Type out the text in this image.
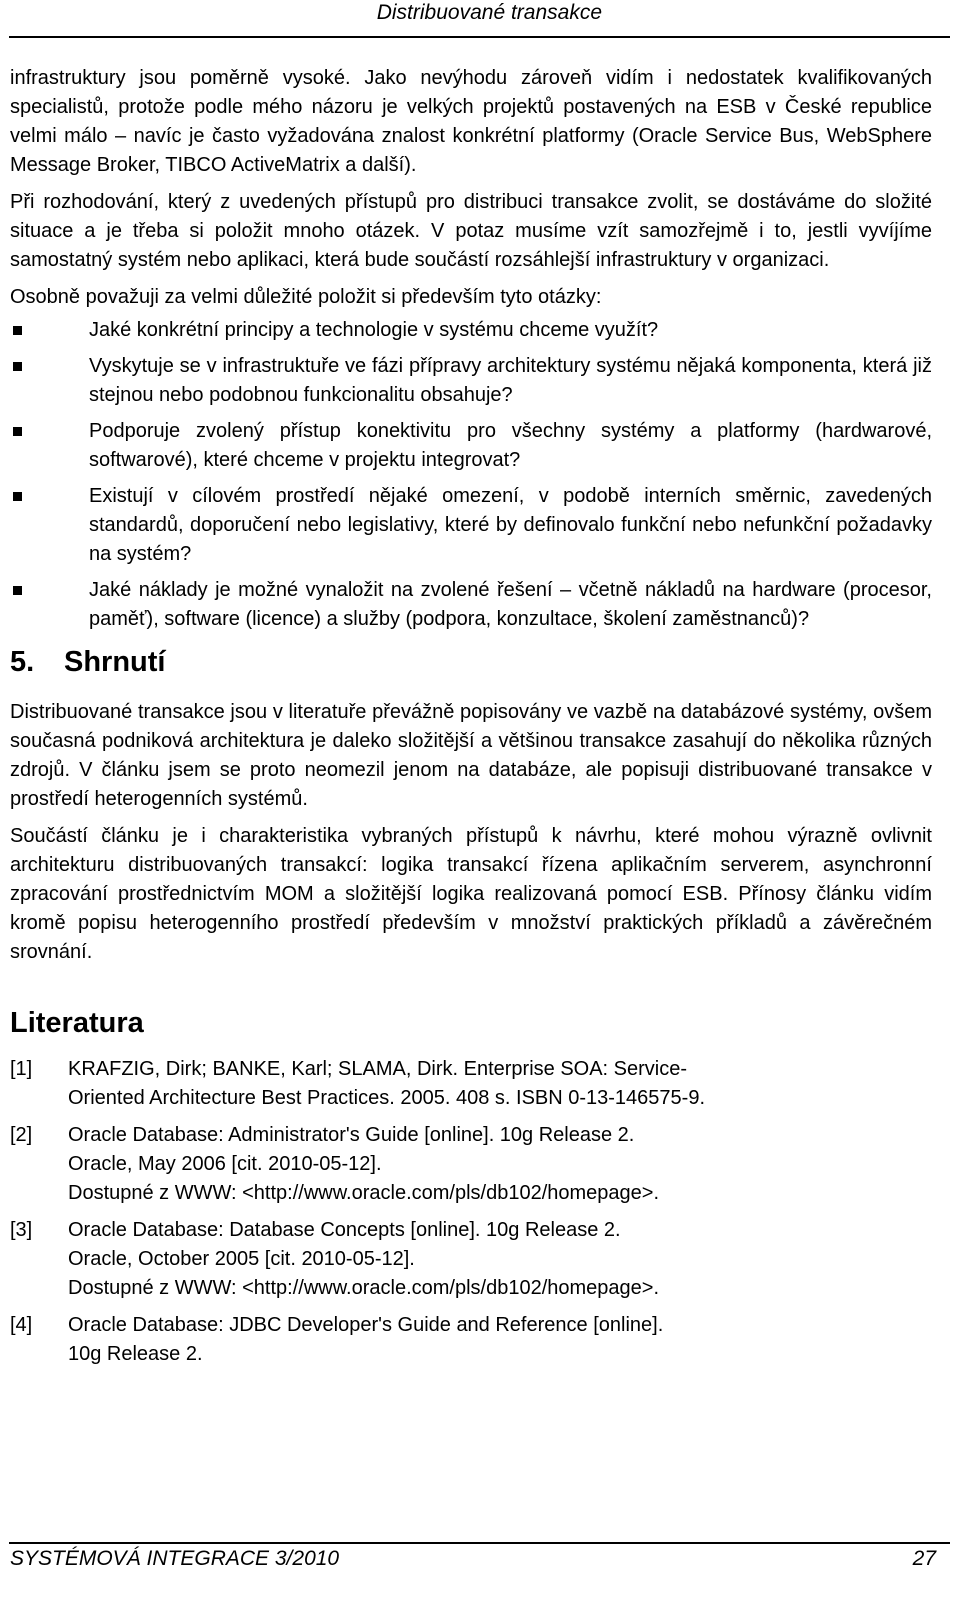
Distribuované transakce

infrastruktury jsou poměrně vysoké. Jako nevýhodu zároveň vidím i nedostatek kvalifikovaných specialistů, protože podle mého názoru je velkých projektů postavených na ESB v České republice velmi málo – navíc je často vyžadována znalost konkrétní platformy (Oracle Service Bus, WebSphere Message Broker, TIBCO ActiveMatrix a další).

Při rozhodování, který z uvedených přístupů pro distribuci transakce zvolit, se dostáváme do složité situace a je třeba si položit mnoho otázek. V potaz musíme vzít samozřejmě i to, jestli vyvíjíme samostatný systém nebo aplikaci, která bude součástí rozsáhlejší infrastruktury v organizaci.

Osobně považuji za velmi důležité položit si především tyto otázky:

Jaké konkrétní principy a technologie v systému chceme využít?
Vyskytuje se v infrastruktuře ve fázi přípravy architektury systému nějaká komponenta, která již stejnou nebo podobnou funkcionalitu obsahuje?
Podporuje zvolený přístup konektivitu pro všechny systémy a platformy (hardwarové, softwarové), které chceme v projektu integrovat?
Existují v cílovém prostředí nějaké omezení, v podobě interních směrnic, zavedených standardů, doporučení nebo legislativy, které by definovalo funkční nebo nefunkční požadavky na systém?
Jaké náklady je možné vynaložit na zvolené řešení – včetně nákladů na hardware (procesor, paměť), software (licence) a služby (podpora, konzultace, školení zaměstnanců)?
5. Shrnutí

Distribuované transakce jsou v literatuře převážně popisovány ve vazbě na databázové systémy, ovšem současná podniková architektura je daleko složitější a většinou transakce zasahují do několika různých zdrojů. V článku jsem se proto neomezil jenom na databáze, ale popisuji distribuované transakce v prostředí heterogenních systémů.

Součástí článku je i charakteristika vybraných přístupů k návrhu, které mohou výrazně ovlivnit architekturu distribuovaných transakcí: logika transakcí řízena aplikačním serverem, asynchronní zpracování prostřednictvím MOM a složitější logika realizovaná pomocí ESB. Přínosy článku vidím kromě popisu heterogenního prostředí především v množství praktických příkladů a závěrečném srovnání.

Literatura
[1] KRAFZIG, Dirk; BANKE, Karl; SLAMA, Dirk. Enterprise SOA: Service-
Oriented Architecture Best Practices. 2005. 408 s. ISBN 0-13-146575-9.
[2] Oracle Database: Administrator's Guide [online]. 10g Release 2.
Oracle, May 2006 [cit. 2010-05-12].
Dostupné z WWW: <http://www.oracle.com/pls/db102/homepage>.
[3] Oracle Database: Database Concepts [online]. 10g Release 2.
Oracle, October 2005 [cit. 2010-05-12].
Dostupné z WWW: <http://www.oracle.com/pls/db102/homepage>.
[4] Oracle Database: JDBC Developer's Guide and Reference [online].
10g Release 2.
SYSTÉMOVÁ INTEGRACE 3/2010	27
